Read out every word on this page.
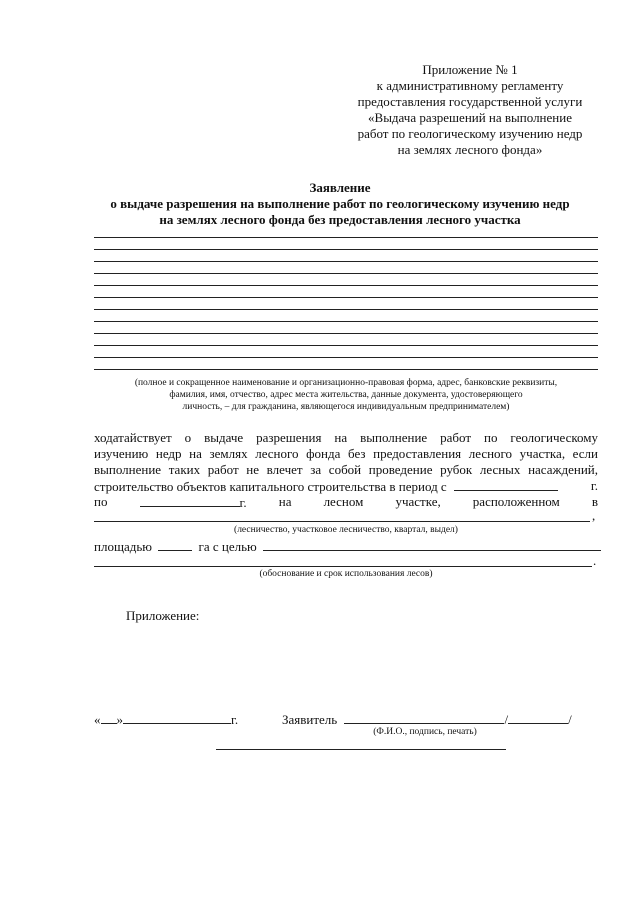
Приложение № 1
к административному регламенту
предоставления государственной услуги
«Выдача разрешений на выполнение
работ по геологическому изучению недр
на землях лесного фонда»
Заявление
о выдаче разрешения на выполнение работ по геологическому изучению недр
на землях лесного фонда без предоставления лесного участка
(полное и сокращенное наименование и организационно-правовая форма, адрес, банковские реквизиты,
фамилия, имя, отчество, адрес места жительства, данные документа, удостоверяющего
личность, – для гражданина, являющегося индивидуальным предпринимателем)
ходатайствует о выдаче разрешения на выполнение работ по геологическому
изучению недр на землях лесного фонда без предоставления лесного участка, если
выполнение таких работ не влечет за собой проведение рубок лесных насаждений,
строительство объектов капитального строительства в период с	г.
по	г. на лесном участке, расположенном в
,
(лесничество, участковое лесничество, квартал, выдел)
площадью	га с целью
.
(обоснование и срок использования лесов)
Приложение:
« »	г.	Заявитель	/	/
(Ф.И.О., подпись, печать)
